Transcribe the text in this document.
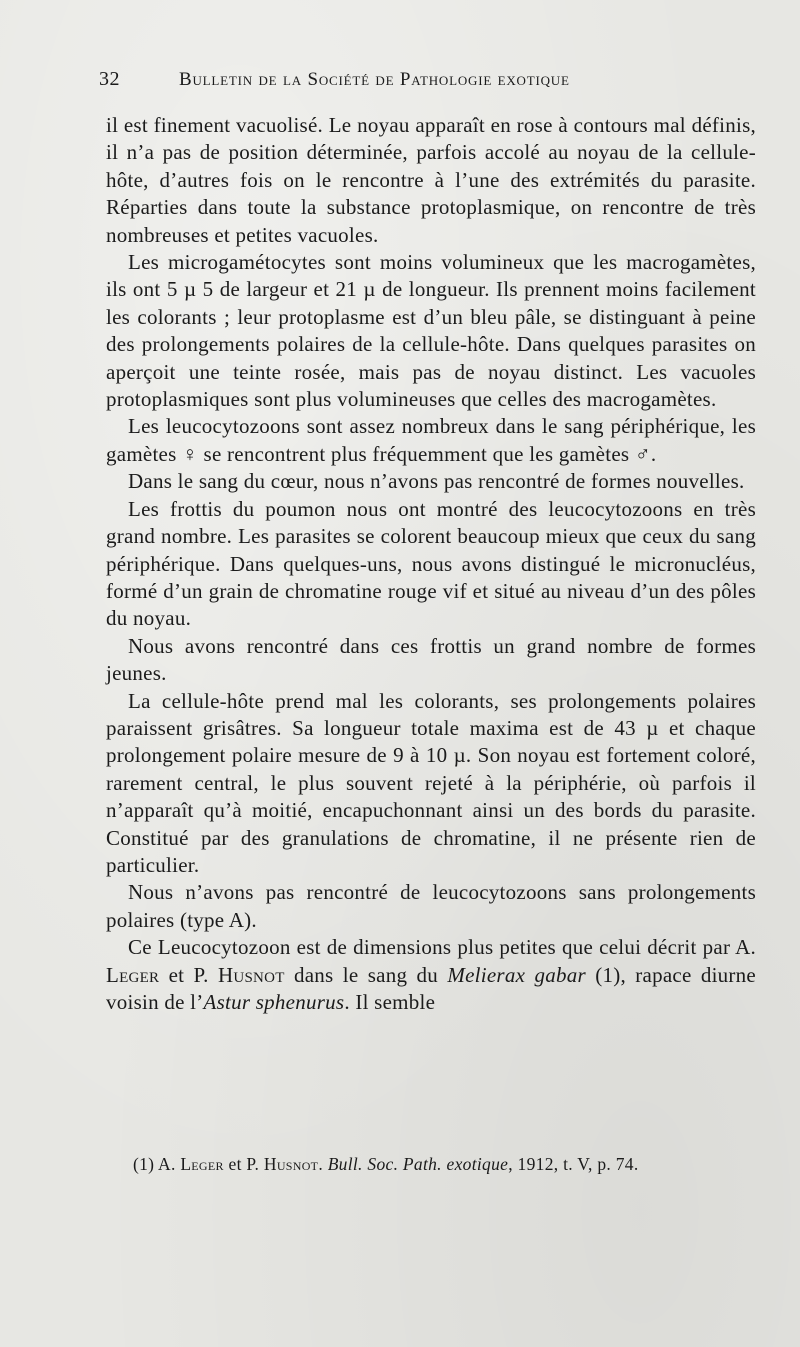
32	Bulletin de la Société de Pathologie exotique

il est finement vacuolisé. Le noyau apparaît en rose à contours mal définis, il n’a pas de position déterminée, parfois accolé au noyau de la cellule-hôte, d’autres fois on le rencontre à l’une des extrémités du parasite. Réparties dans toute la substance protoplasmique, on rencontre de très nombreuses et petites vacuoles.

Les microgamétocytes sont moins volumineux que les macrogamètes, ils ont 5 µ 5 de largeur et 21 µ de longueur. Ils prennent moins facilement les colorants ; leur protoplasme est d’un bleu pâle, se distinguant à peine des prolongements polaires de la cellule-hôte. Dans quelques parasites on aperçoit une teinte rosée, mais pas de noyau distinct. Les vacuoles protoplasmiques sont plus volumineuses que celles des macrogamètes.

Les leucocytozoons sont assez nombreux dans le sang périphérique, les gamètes ♀ se rencontrent plus fréquemment que les gamètes ♂.

Dans le sang du cœur, nous n’avons pas rencontré de formes nouvelles.

Les frottis du poumon nous ont montré des leucocytozoons en très grand nombre. Les parasites se colorent beaucoup mieux que ceux du sang périphérique. Dans quelques-uns, nous avons distingué le micronucléus, formé d’un grain de chromatine rouge vif et situé au niveau d’un des pôles du noyau.

Nous avons rencontré dans ces frottis un grand nombre de formes jeunes.

La cellule-hôte prend mal les colorants, ses prolongements polaires paraissent grisâtres. Sa longueur totale maxima est de 43 µ et chaque prolongement polaire mesure de 9 à 10 µ. Son noyau est fortement coloré, rarement central, le plus souvent rejeté à la périphérie, où parfois il n’apparaît qu’à moitié, encapuchonnant ainsi un des bords du parasite. Constitué par des granulations de chromatine, il ne présente rien de particulier.

Nous n’avons pas rencontré de leucocytozoons sans prolongements polaires (type A).

Ce Leucocytozoon est de dimensions plus petites que celui décrit par A. Leger et P. Husnot dans le sang du Melierax gabar (1), rapace diurne voisin de l’Astur sphenurus. Il semble

(1) A. Leger et P. Husnot. Bull. Soc. Path. exotique, 1912, t. V, p. 74.
